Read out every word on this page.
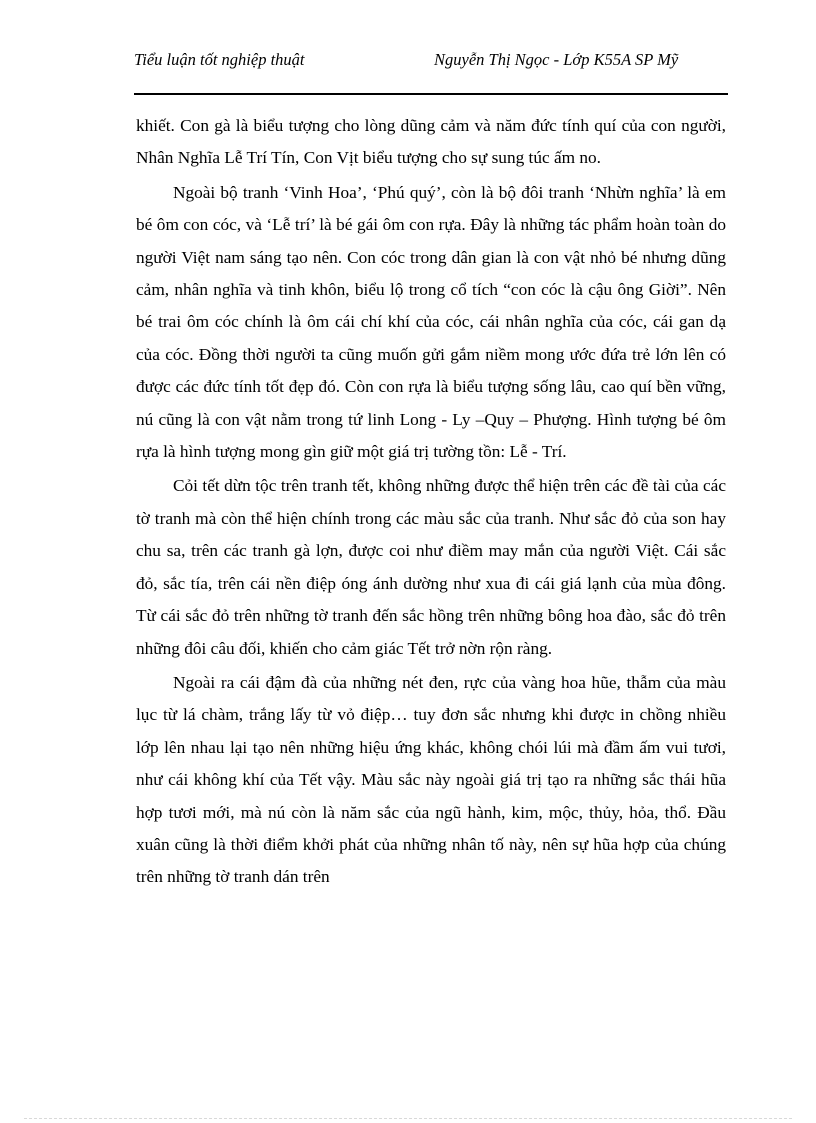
Tiểu luận tốt nghiệp thuật	Nguyễn Thị Ngọc - Lớp K55A SP Mỹ

khiết. Con gà là biểu tượng cho lòng dũng cảm và năm đức tính quí của con người, Nhân Nghĩa Lễ Trí Tín, Con Vịt biểu tượng cho sự sung túc ấm no.

Ngoài bộ tranh ‘Vinh Hoa’, ‘Phú quý’, còn là bộ đôi tranh ‘Nhừn nghĩa’ là em bé ôm con cóc, và ‘Lễ trí’ là bé gái ôm con rựa. Đây là những tác phẩm hoàn toàn do người Việt nam sáng tạo nên. Con cóc trong dân gian là con vật nhỏ bé nhưng dũng cảm, nhân nghĩa và tinh khôn, biểu lộ trong cổ tích “con cóc là cậu ông Giời”. Nên bé trai ôm cóc chính là ôm cái chí khí của cóc, cái nhân nghĩa của cóc, cái gan dạ của cóc. Đồng thời người ta cũng muốn gửi gắm niềm mong ước đứa trẻ lớn lên có được các đức tính tốt đẹp đó. Còn con rựa là biểu tượng sống lâu, cao quí bền vững, nú cũng là con vật nằm trong tứ linh Long - Ly –Quy – Phượng. Hình tượng bé ôm rựa là hình tượng mong gìn giữ một giá trị tường tồn: Lễ - Trí.

Cỏi tết dừn tộc trên tranh tết, không những được thể hiện trên các đề tài của các tờ tranh mà còn thể hiện chính trong các màu sắc của tranh. Như sắc đỏ của son hay chu sa, trên các tranh gà lợn, được coi như điềm may mắn của người Việt. Cái sắc đỏ, sắc tía, trên cái nền điệp óng ánh dường như xua đi cái giá lạnh của mùa đông. Từ cái sắc đỏ trên những tờ tranh đến sắc hồng trên những bông hoa đào, sắc đỏ trên những đôi câu đối, khiến cho cảm giác Tết trở nờn rộn ràng.

Ngoài ra cái đậm đà của những nét đen, rực của vàng hoa hũe, thẫm của màu lục từ lá chàm, trắng lấy từ vỏ điệp… tuy đơn sắc nhưng khi được in chồng nhiều lớp lên nhau lại tạo nên những hiệu ứng khác, không chói lúi mà đầm ấm vui tươi, như cái không khí của Tết vậy. Màu sắc này ngoài giá trị tạo ra những sắc thái hũa hợp tươi mới, mà nú còn là năm sắc của ngũ hành, kim, mộc, thủy, hỏa, thổ. Đầu xuân cũng là thời điểm khởi phát của những nhân tố này, nên sự hũa hợp của chúng trên những tờ tranh dán trên
